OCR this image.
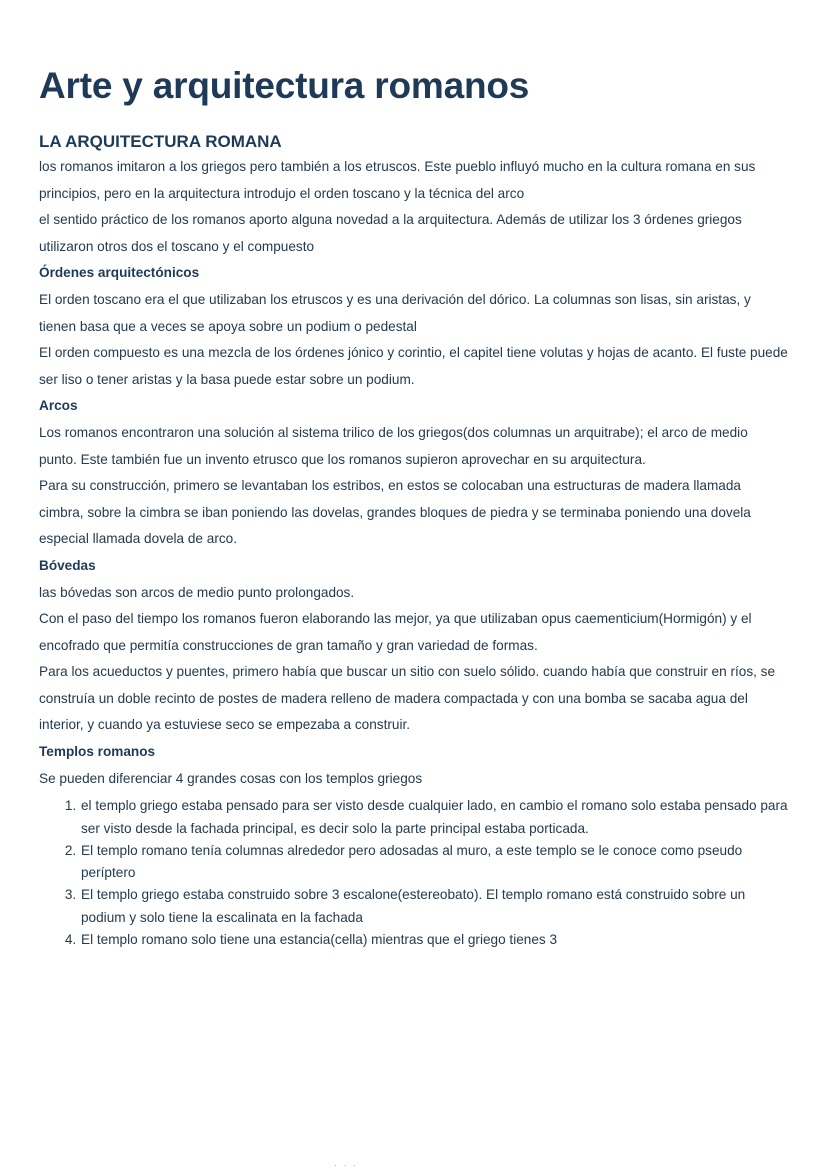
Arte y arquitectura romanos
LA ARQUITECTURA ROMANA

los romanos imitaron a los griegos pero también a los etruscos. Este pueblo influyó mucho en la cultura romana en sus principios, pero en la arquitectura introdujo el orden toscano y la técnica del arco

el sentido práctico de los romanos aporto alguna novedad a la arquitectura. Además de utilizar los 3 órdenes griegos utilizaron otros dos el toscano y el compuesto

Órdenes arquitectónicos

El orden toscano era el que utilizaban los etruscos y es una derivación del dórico. La columnas son lisas, sin aristas, y tienen basa que a veces se apoya sobre un podium o pedestal

El orden compuesto es una mezcla de los órdenes jónico y corintio, el capitel tiene volutas y hojas de acanto. El fuste puede ser liso o tener aristas y la basa puede estar sobre un podium.

Arcos

Los romanos encontraron una solución al sistema trilico de los griegos(dos columnas un arquitrabe); el arco de medio punto. Este también fue un invento etrusco que los romanos supieron aprovechar en su arquitectura.

Para su construcción, primero se levantaban los estribos, en estos se colocaban una estructuras de madera llamada cimbra, sobre la cimbra se iban poniendo las dovelas, grandes bloques de piedra y se terminaba poniendo una dovela especial llamada dovela de arco.

Bóvedas

las bóvedas son arcos de medio punto prolongados.

Con el paso del tiempo los romanos fueron elaborando las mejor, ya que utilizaban opus caementicium(Hormigón) y el encofrado que permitía construcciones de gran tamaño y gran variedad de formas.

Para los acueductos y puentes, primero había que buscar un sitio con suelo sólido. cuando había que construir en ríos, se construía un doble recinto de postes de madera relleno de madera compactada y con una bomba se sacaba agua del interior, y cuando ya estuviese seco se empezaba a construir.

Templos romanos

Se pueden diferenciar 4 grandes cosas con los templos griegos

1. el templo griego estaba pensado para ser visto desde cualquier lado, en cambio el romano solo estaba pensado para ser visto desde la fachada principal, es decir solo la parte principal estaba porticada.
2. El templo romano tenía columnas alrededor pero adosadas al muro, a este templo se le conoce como pseudo períptero
3. El templo griego estaba construido sobre 3 escalone(estereobato). El templo romano está construido sobre un podium y solo tiene la escalinata en la fachada
4. El templo romano solo tiene una estancia(cella) mientras que el griego tienes 3
· · ·
